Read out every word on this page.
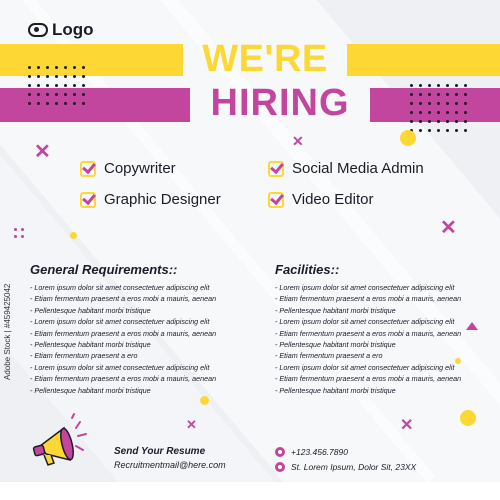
Logo
WE'RE
HIRING
✕	✕
✕
✕
✕
Copywriter	Social Media Admin
Graphic Designer	Video Editor
General Requirements::
- Lorem ipsum dolor sit amet consectetuer adipiscing elit
- Etiam fermentum praesent a eros mobi a mauris, aenean
- Pellentesque habitant morbi tristique
- Lorem ipsum dolor sit amet consectetuer adipiscing elit
- Etiam fermentum praesent a eros mobi a mauris, aenean
- Pellentesque habitant morbi tristique
- Etiam fermentum praesent a ero
- Lorem ipsum dolor sit amet consectetuer adipiscing elit
- Etiam fermentum praesent a eros mobi a mauris, aenean
- Pellentesque habitant morbi tristique
Facilities::
- Lorem ipsum dolor sit amet consectetuer adipiscing elit
- Etiam fermentum praesent a eros mobi a mauris, aenean
- Pellentesque habitant morbi tristique
- Lorem ipsum dolor sit amet consectetuer adipiscing elit
- Etiam fermentum praesent a eros mobi a mauris, aenean
- Pellentesque habitant morbi tristique
- Etiam fermentum praesent a ero
- Lorem ipsum dolor sit amet consectetuer adipiscing elit
- Etiam fermentum praesent a eros mobi a mauris, aenean
- Pellentesque habitant morbi tristique
Send Your Resume
Recruitmentmail@here.com
+123.456.7890
St. Lorem Ipsum, Dolor Sit, 23XX
Adobe Stock | #459425042
